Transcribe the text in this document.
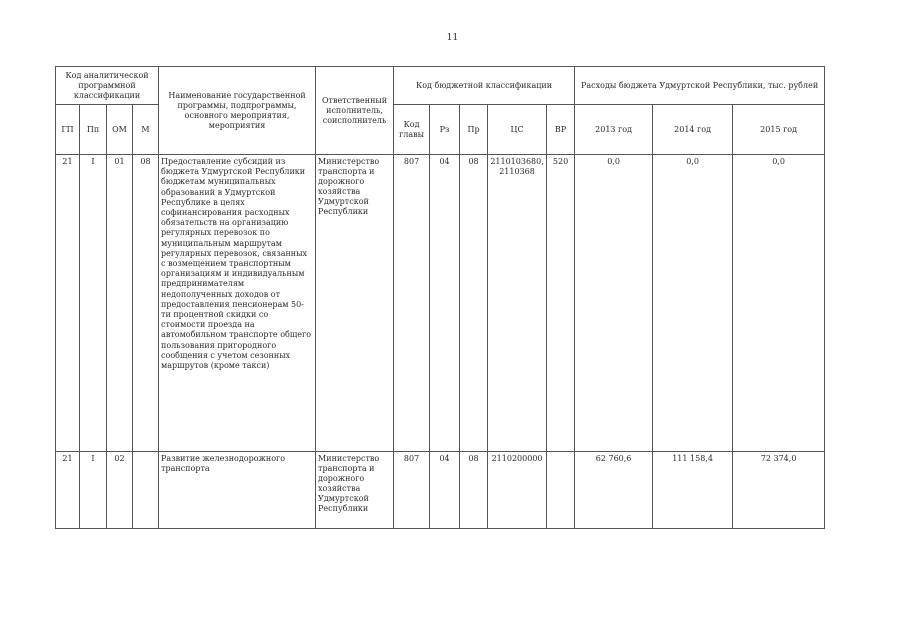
11
Код аналитической программной классификации				Наименование государственной программы, подпрограммы, основного мероприятия, мероприятия	Ответственный исполнитель, соисполнитель	Код бюджетной классификации					Расходы бюджета Удмуртской Республики, тыс. рублей		
ГП	Пп	ОМ	М			Код главы	Рз	Пр	ЦС	ВР	2013 год	2014 год	2015 год
21	I	01	08	Предоставление субсидий из бюджета Удмуртской Республики бюджетам муниципальных образований в Удмуртской Республике в целях софинансирования расходных обязательств на организацию регулярных перевозок по муниципальным маршрутам регулярных перевозок, связанных с возмещением транспортным организациям и индивидуальным предпринимателям недополученных доходов от предоставления пенсионерам 50-ти процентной скидки со стоимости проезда на автомобильном транспорте общего пользования пригородного сообщения с учетом сезонных маршрутов (кроме такси)	Министерство транспорта и дорожного хозяйства Удмуртской Республики	807	04	08	2110103680, 2110368	520	0,0	0,0	0,0
21	I	02		Развитие железнодорожного транспорта	Министерство транспорта и дорожного хозяйства Удмуртской Республики	807	04	08	2110200000		62 760,6	111 158,4	72 374,0
